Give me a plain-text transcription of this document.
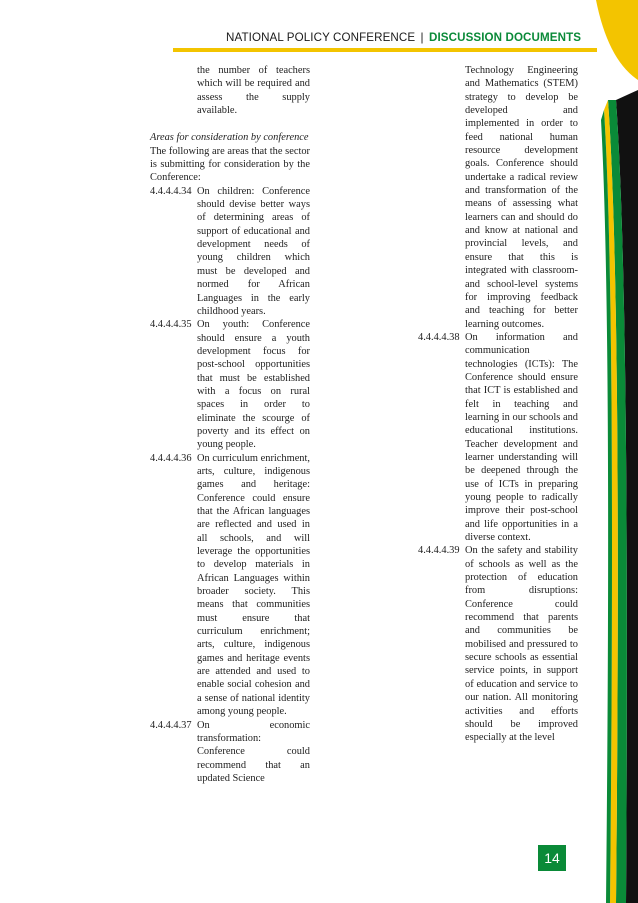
NATIONAL POLICY CONFERENCE | DISCUSSION DOCUMENTS

the number of teachers which will be required and assess the supply available.

Areas for consideration by conference

The following are areas that the sector is submitting for consideration by the Conference:

4.4.4.4.34 On children: Conference should devise better ways of determining areas of support of educational and development needs of young children which must be developed and normed for African Languages in the early childhood years.
4.4.4.4.35 On youth: Conference should ensure a youth development focus for post-school opportunities that must be established with a focus on rural spaces in order to eliminate the scourge of poverty and its effect on young people.
4.4.4.4.36 On curriculum enrichment, arts, culture, indigenous games and heritage: Conference could ensure that the African languages are reflected and used in all schools, and will leverage the opportunities to develop materials in African Languages within broader society. This means that communities must ensure that curriculum enrichment; arts, culture, indigenous games and heritage events are attended and used to enable social cohesion and a sense of national identity among young people.
4.4.4.4.37 On economic transformation: Conference could recommend that an updated Science

Technology Engineering and Mathematics (STEM) strategy to develop be developed and implemented in order to feed national human resource development goals. Conference should undertake a radical review and transformation of the means of assessing what learners can and should do and know at national and provincial levels, and ensure that this is integrated with classroom- and school-level systems for improving feedback and teaching for better learning outcomes.

4.4.4.4.38 On information and communication technologies (ICTs): The Conference should ensure that ICT is established and felt in teaching and learning in our schools and educational institutions. Teacher development and learner understanding will be deepened through the use of ICTs in preparing young people to radically improve their post-school and life opportunities in a diverse context.
4.4.4.4.39 On the safety and stability of schools as well as the protection of education from disruptions: Conference could recommend that parents and communities be mobilised and pressured to secure schools as essential service points, in support of education and service to our nation. All monitoring activities and efforts should be improved especially at the level
14
